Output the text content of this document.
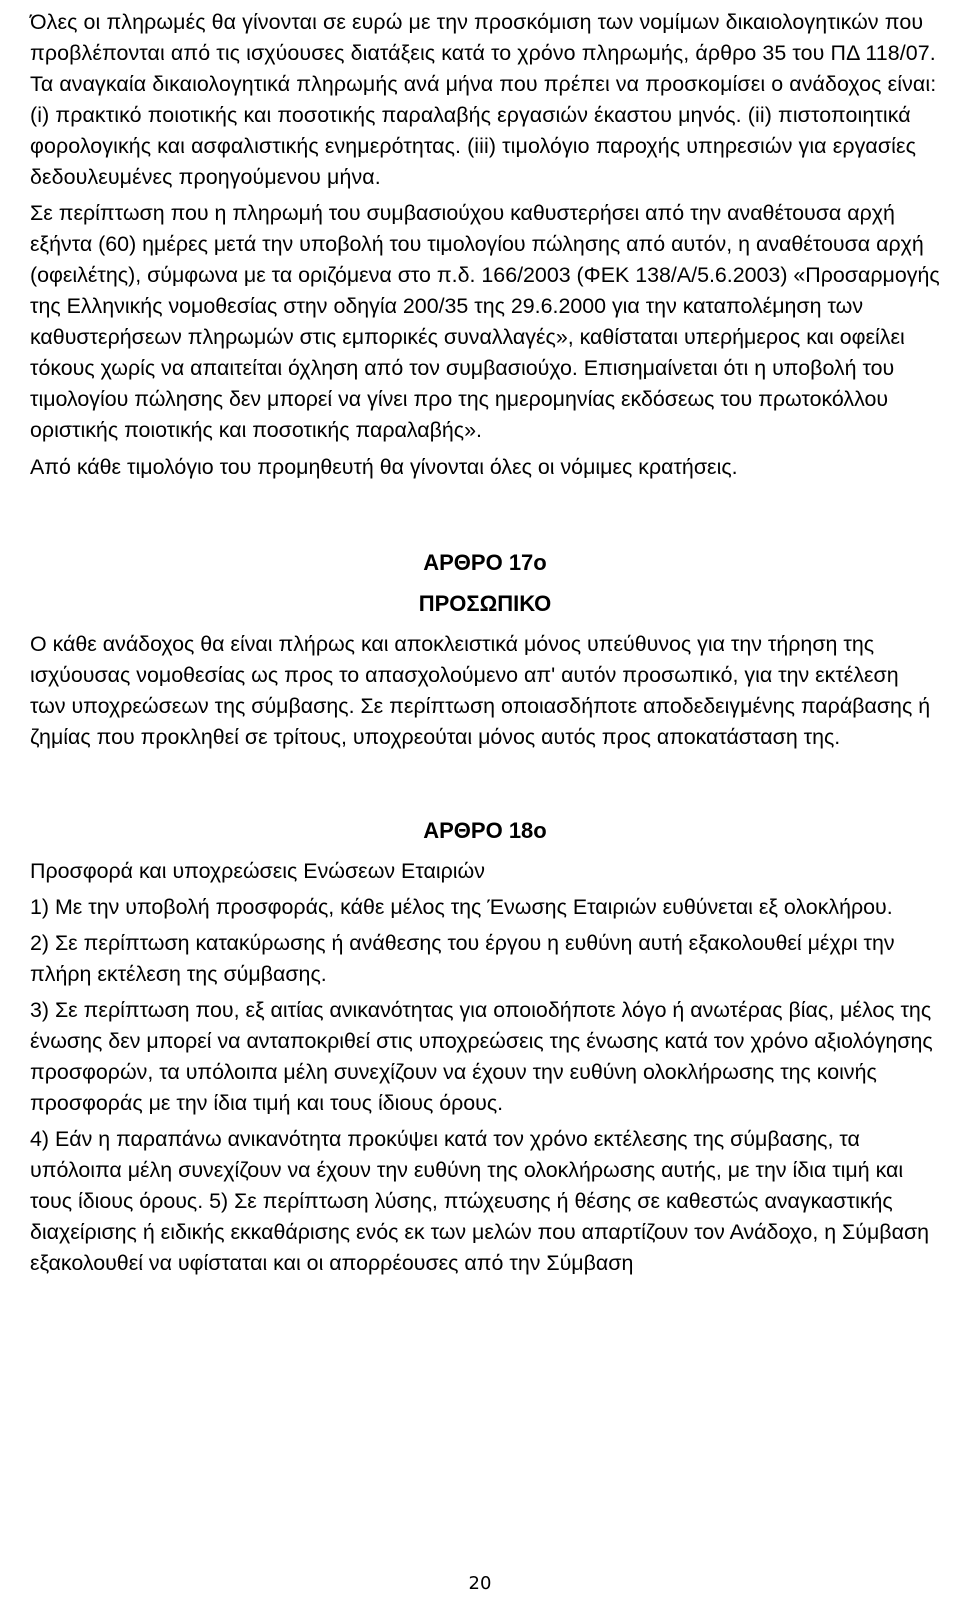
Όλες οι πληρωμές θα γίνονται σε ευρώ με την προσκόμιση των νομίμων δικαιολογητικών που προβλέπονται από τις ισχύουσες διατάξεις κατά το χρόνο πληρωμής, άρθρο 35 του ΠΔ 118/07. Τα αναγκαία δικαιολογητικά πληρωμής ανά μήνα που πρέπει να προσκομίσει ο ανάδοχος είναι: (i) πρακτικό ποιοτικής και ποσοτικής παραλαβής εργασιών έκαστου μηνός. (ii) πιστοποιητικά φορολογικής και ασφαλιστικής ενημερότητας. (iii) τιμολόγιο παροχής υπηρεσιών για εργασίες δεδουλευμένες προηγούμενου μήνα.

Σε περίπτωση που η πληρωμή του συμβασιούχου καθυστερήσει από την αναθέτουσα αρχή εξήντα (60) ημέρες μετά την υποβολή του τιμολογίου πώλησης από αυτόν, η αναθέτουσα αρχή (οφειλέτης), σύμφωνα με τα οριζόμενα στο π.δ. 166/2003 (ΦΕΚ 138/Α/5.6.2003) «Προσαρμογής της Ελληνικής νομοθεσίας στην οδηγία 200/35 της 29.6.2000 για την καταπολέμηση των καθυστερήσεων πληρωμών στις εμπορικές συναλλαγές», καθίσταται υπερήμερος και οφείλει τόκους χωρίς να απαιτείται όχληση από τον συμβασιούχο. Επισημαίνεται ότι η υποβολή του τιμολογίου πώλησης δεν μπορεί να γίνει προ της ημερομηνίας εκδόσεως του πρωτοκόλλου οριστικής ποιοτικής και ποσοτικής παραλαβής».

Από κάθε τιμολόγιο του προμηθευτή θα γίνονται όλες οι νόμιμες κρατήσεις.

ΑΡΘΡΟ 17ο

ΠΡΟΣΩΠΙΚΟ

Ο κάθε ανάδοχος θα είναι πλήρως και αποκλειστικά μόνος υπεύθυνος για την τήρηση της ισχύουσας νομοθεσίας ως προς το απασχολούμενο απ' αυτόν προσωπικό, για την εκτέλεση των υποχρεώσεων της σύμβασης. Σε περίπτωση οποιασδήποτε αποδεδειγμένης παράβασης ή ζημίας που προκληθεί σε τρίτους, υποχρεούται μόνος αυτός προς αποκατάσταση της.

ΑΡΘΡΟ 18ο

Προσφορά και υποχρεώσεις Ενώσεων Εταιριών

1) Με την υποβολή προσφοράς, κάθε μέλος της Ένωσης Εταιριών ευθύνεται εξ ολοκλήρου.

2) Σε περίπτωση κατακύρωσης ή ανάθεσης του έργου η ευθύνη αυτή εξακολουθεί μέχρι την πλήρη εκτέλεση της σύμβασης.

3) Σε περίπτωση που, εξ αιτίας ανικανότητας για οποιοδήποτε λόγο ή ανωτέρας βίας, μέλος της ένωσης δεν μπορεί να ανταποκριθεί στις υποχρεώσεις της ένωσης κατά τον χρόνο αξιολόγησης προσφορών, τα υπόλοιπα μέλη συνεχίζουν να έχουν την ευθύνη ολοκλήρωσης της κοινής προσφοράς με την ίδια τιμή και τους ίδιους όρους.

4) Εάν η παραπάνω ανικανότητα προκύψει κατά τον χρόνο εκτέλεσης της σύμβασης, τα υπόλοιπα μέλη συνεχίζουν να έχουν την ευθύνη της ολοκλήρωσης αυτής, με την ίδια τιμή και τους ίδιους όρους. 5) Σε περίπτωση λύσης, πτώχευσης ή θέσης σε καθεστώς αναγκαστικής διαχείρισης ή ειδικής εκκαθάρισης ενός εκ των μελών που απαρτίζουν τον Ανάδοχο, η Σύμβαση εξακολουθεί να υφίσταται και οι απορρέουσες από την Σύμβαση

20
